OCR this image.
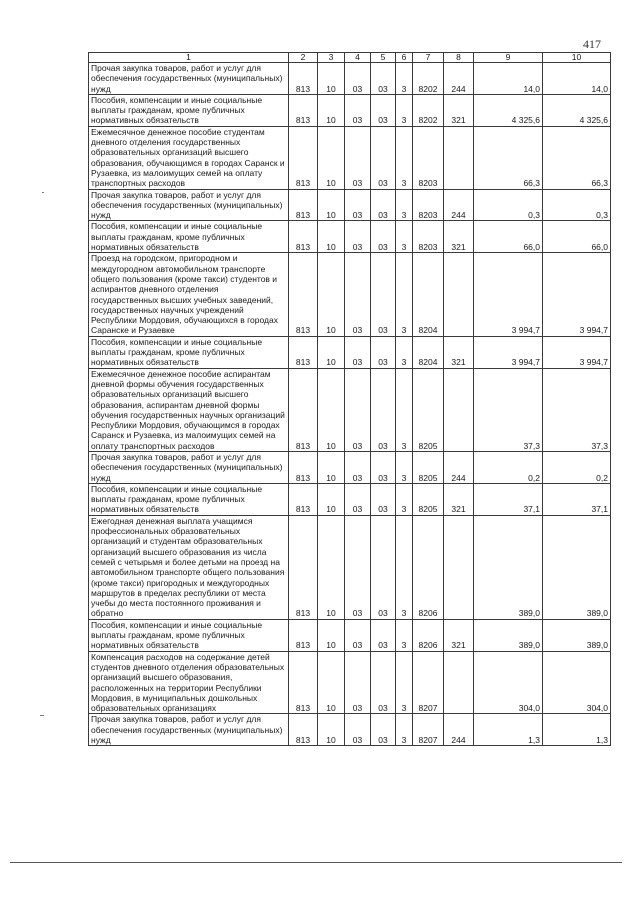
417
1	2	3	4	5	6	7	8	9	10
Прочая закупка товаров, работ и услуг для обеспечения государственных (муниципальных) нужд	813	10	03	03	3	8202	244	14,0	14,0
Пособия, компенсации и иные социальные выплаты гражданам, кроме публичных нормативных обязательств	813	10	03	03	3	8202	321	4 325,6	4 325,6
Ежемесячное денежное пособие студентам дневного отделения государственных образовательных организаций высшего образования, обучающимся в городах Саранск и Рузаевка, из малоимущих семей на оплату транспортных расходов	813	10	03	03	3	8203		66,3	66,3
Прочая закупка товаров, работ и услуг для обеспечения государственных (муниципальных) нужд	813	10	03	03	3	8203	244	0,3	0,3
Пособия, компенсации и иные социальные выплаты гражданам, кроме публичных нормативных обязательств	813	10	03	03	3	8203	321	66,0	66,0
Проезд на городском, пригородном и междугородном автомобильном транспорте общего пользования (кроме такси) студентов и аспирантов дневного отделения государственных высших учебных заведений, государственных научных учреждений Республики Мордовия, обучающихся в городах Саранске и Рузаевке	813	10	03	03	3	8204		3 994,7	3 994,7
Пособия, компенсации и иные социальные выплаты гражданам, кроме публичных нормативных обязательств	813	10	03	03	3	8204	321	3 994,7	3 994,7
Ежемесячное денежное пособие аспирантам дневной формы обучения государственных образовательных организаций высшего образования, аспирантам дневной формы обучения государственных научных организаций Республики Мордовия, обучающимся в городах Саранск и Рузаевка, из малоимущих семей на оплату транспортных расходов	813	10	03	03	3	8205		37,3	37,3
Прочая закупка товаров, работ и услуг для обеспечения государственных (муниципальных) нужд	813	10	03	03	3	8205	244	0,2	0,2
Пособия, компенсации и иные социальные выплаты гражданам, кроме публичных нормативных обязательств	813	10	03	03	3	8205	321	37,1	37,1
Ежегодная денежная выплата учащимся профессиональных образовательных организаций и студентам образовательных организаций высшего образования из числа семей с четырьмя и более детьми на проезд на автомобильном транспорте общего пользования (кроме такси) пригородных и междугородных маршрутов в пределах республики от места учебы до места постоянного проживания и обратно	813	10	03	03	3	8206		389,0	389,0
Пособия, компенсации и иные социальные выплаты гражданам, кроме публичных нормативных обязательств	813	10	03	03	3	8206	321	389,0	389,0
Компенсация расходов на содержание детей студентов дневного отделения образовательных организаций высшего образования, расположенных на территории Республики Мордовия, в муниципальных дошкольных образовательных организациях	813	10	03	03	3	8207		304,0	304,0
Прочая закупка товаров, работ и услуг для обеспечения государственных (муниципальных) нужд	813	10	03	03	3	8207	244	1,3	1,3
